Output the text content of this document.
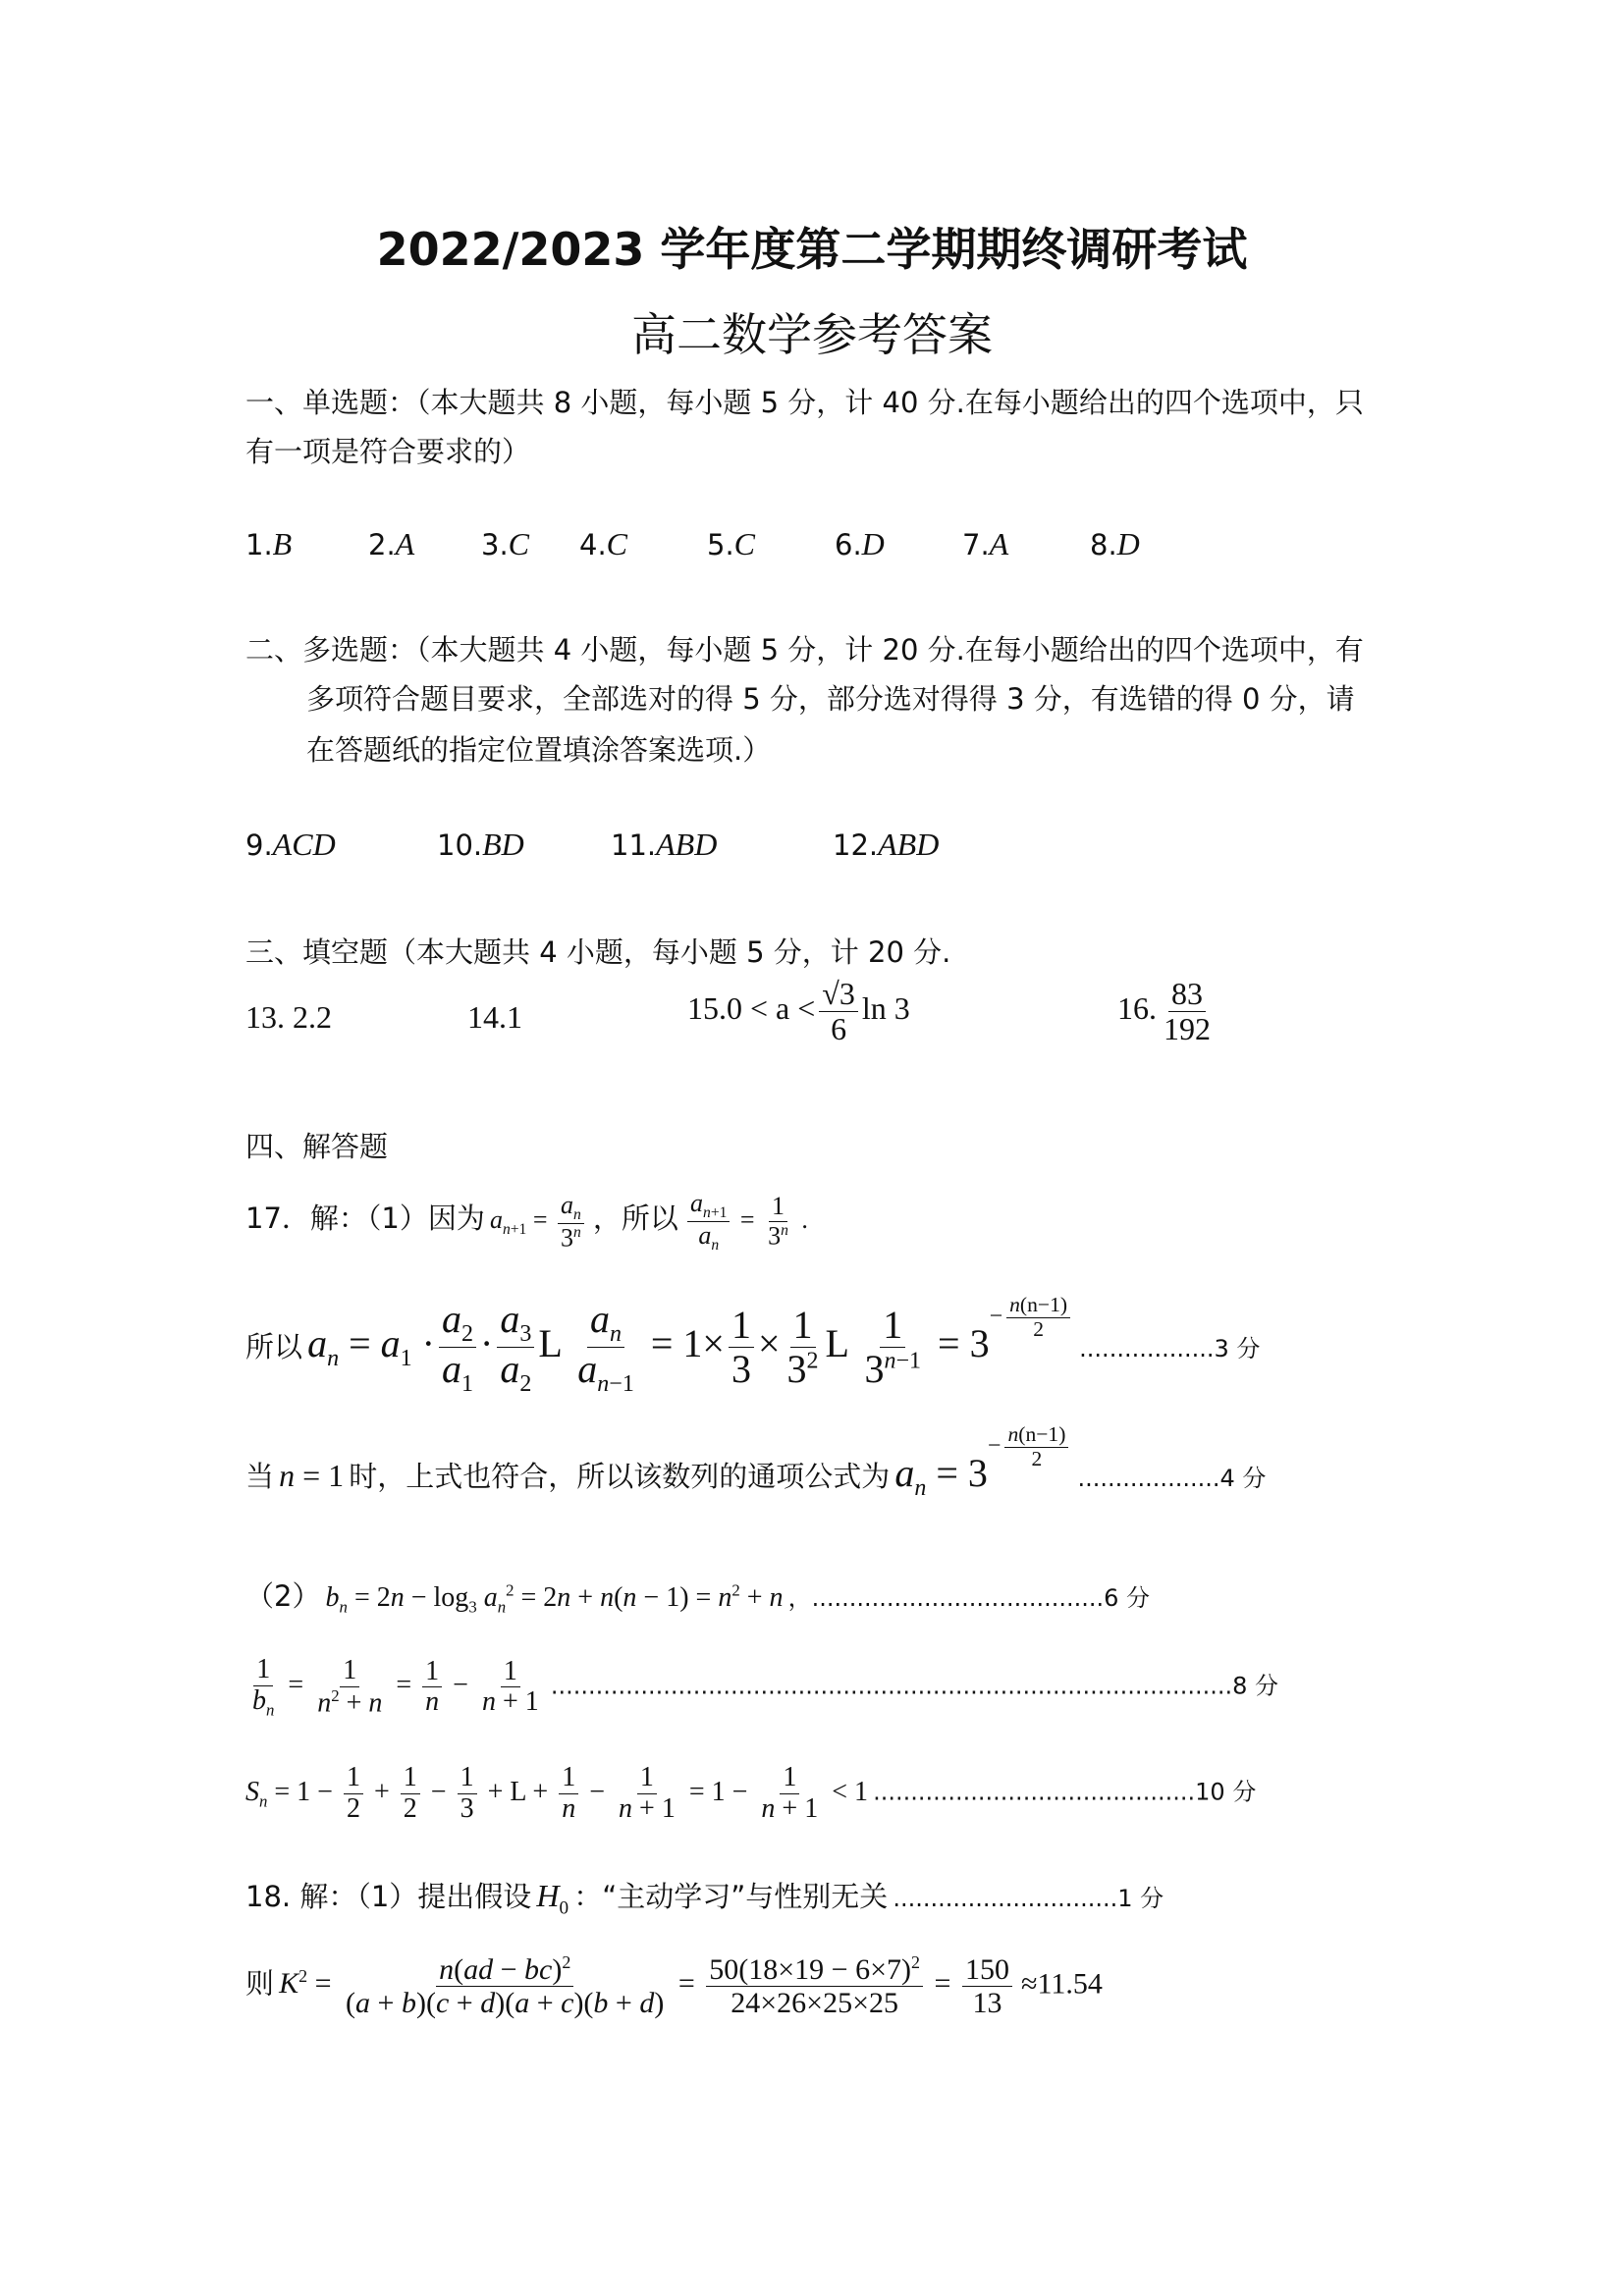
2022/2023 学年度第二学期期终调研考试
高二数学参考答案
一、单选题：（本大题共 8 小题，每小题 5 分，计 40 分.在每小题给出的四个选项中，只
有一项是符合要求的）
1.B	2.A 3.C 4.C	5.C	6.D	7.A	8.D
二、多选题：（本大题共 4 小题，每小题 5 分，计 20 分.在每小题给出的四个选项中，有
多项符合题目要求，全部选对的得 5 分，部分选对得得 3 分，有选错的得 0 分，请
在答题纸的指定位置填涂答案选项.）
9.ACD	10.BD	11.ABD	12.ABD
三、填空题（本大题共 4 小题，每小题 5 分，计 20 分.
13. 2.2	14.1	$15.0 < a < \frac{√3}{6}$ ln 3	16. $\frac{83}{192}$
四、解答题
17．解：（1）因为 $a_{n+1} = \frac{a_n}{3^n}$ ，所以 $\frac{a_{n+1}}{a_n} = \frac{1}{3^n}$ .
所以 $a_n = a_1 \cdot \frac{a_2}{a_1} \cdot \frac{a_3}{a_2}$ L $\frac{a_n}{a_{n-1}} = 1\times \frac{1}{3} \times \frac{1}{3^2}$ L $\frac{1}{3^{n-1}} = 3^{- \frac{n(n-1)}{2}}$
..................3 分
当 n = 1 时，上式也符合，所以该数列的通项公式为 $a_n = 3^{- \frac{n(n-1)}{2}}$
...................4 分
（2） $b_n = 2n - \log_3 a_n^2 = 2n + n(n - 1) = n^2 + n$ ，.......................................6 分
$\frac{1}{b_n} = \frac{1}{n^2 + n} = \frac{1}{n} - \frac{1}{n + 1} ...........................................................................................8$ 分
$S_n = 1 - \frac{1}{2} + \frac{1}{2} - \frac{1}{3} + L + \frac{1}{n} - \frac{1}{n + 1} = 1 - \frac{1}{n + 1} < 1$ ...........................................10 分
18. 解：（1）提出假设 $H_0$ ：“主动学习”与性别无关 ..............................1 分
则 $K^2 = \frac{n(ad - bc)^2}{(a + b)(c + d)(a + c)(b + d)} = \frac{50(18\times 19 - 6\times 7)^2}{24\times 26\times 25\times 25} = \frac{150}{13} \approx 11.54$
